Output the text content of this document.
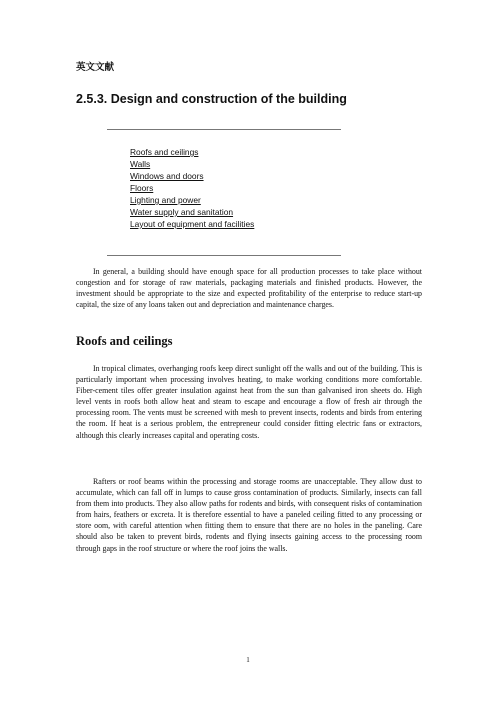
英文文献
2.5.3. Design and construction of the building
Roofs and ceilings
Walls
Windows and doors
Floors
Lighting and power
Water supply and sanitation
Layout of equipment and facilities

In general, a building should have enough space for all production processes to take place without congestion and for storage of raw materials, packaging materials and finished products. However, the investment should be appropriate to the size and expected profitability of the enterprise to reduce start-up capital, the size of any loans taken out and depreciation and maintenance charges.

Roofs and ceilings

In tropical climates, overhanging roofs keep direct sunlight off the walls and out of the building. This is particularly important when processing involves heating, to make working conditions more comfortable. Fiber-cement tiles offer greater insulation against heat from the sun than galvanised iron sheets do. High level vents in roofs both allow heat and steam to escape and encourage a flow of fresh air through the processing room. The vents must be screened with mesh to prevent insects, rodents and birds from entering the room. If heat is a serious problem, the entrepreneur could consider fitting electric fans or extractors, although this clearly increases capital and operating costs.

Rafters or roof beams within the processing and storage rooms are unacceptable. They allow dust to accumulate, which can fall off in lumps to cause gross contamination of products. Similarly, insects can fall from them into products. They also allow paths for rodents and birds, with consequent risks of contamination from hairs, feathers or excreta. It is therefore essential to have a paneled ceiling fitted to any processing or store oom, with careful attention when fitting them to ensure that there are no holes in the paneling. Care should also be taken to prevent birds, rodents and flying insects gaining access to the processing room through gaps in the roof structure or where the roof joins the walls.

1
